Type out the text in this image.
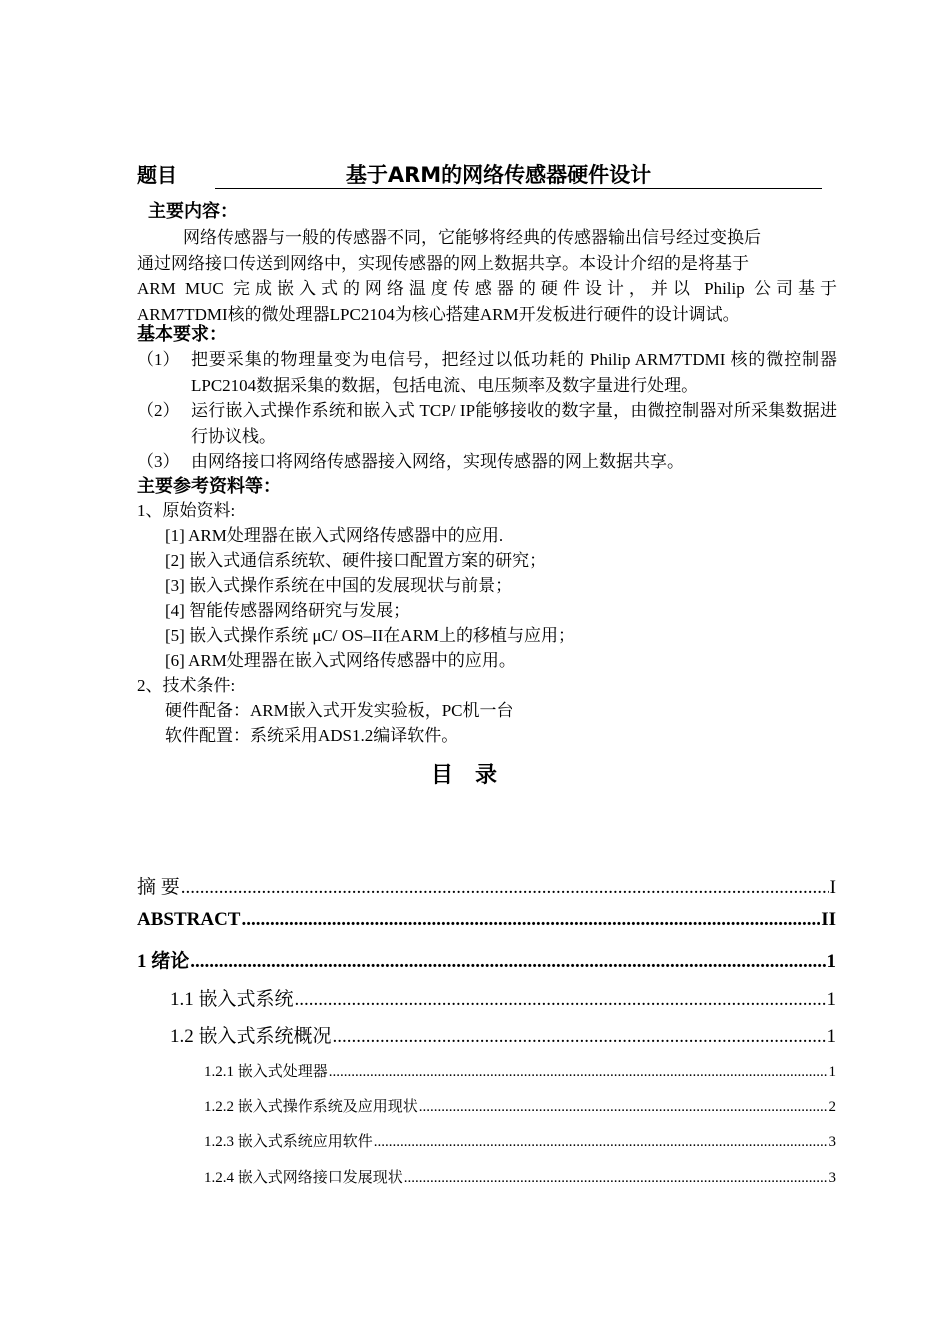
题目	基于ARM的网络传感器硬件设计
主要内容：
网络传感器与一般的传感器不同，它能够将经典的传感器输出信号经过变换后
通过网络接口传送到网络中，实现传感器的网上数据共享。本设计介绍的是将基于
ARM MUC 完成嵌入式的网络温度传感器的硬件设计，并以 Philip 公司基于
ARM7TDMI核的微处理器LPC2104为核心搭建ARM开发板进行硬件的设计调试。
基本要求：
（1） 把要采集的物理量变为电信号，把经过以低功耗的 Philip ARM7TDMI 核的微控制器LPC2104数据采集的数据，包括电流、电压频率及数字量进行处理。
（2） 运行嵌入式操作系统和嵌入式 TCP/ IP能够接收的数字量，由微控制器对所采集数据进行协议栈。
（3） 由网络接口将网络传感器接入网络，实现传感器的网上数据共享。
主要参考资料等：
1、原始资料:
[1] ARM处理器在嵌入式网络传感器中的应用.
[2] 嵌入式通信系统软、硬件接口配置方案的研究；
[3] 嵌入式操作系统在中国的发展现状与前景；
[4] 智能传感器网络研究与发展；
[5] 嵌入式操作系统 μC/ OS–II在ARM上的移植与应用；
[6] ARM处理器在嵌入式网络传感器中的应用。
2、技术条件:
硬件配备：ARM嵌入式开发实验板，PC机一台
软件配置：系统采用ADS1.2编译软件。
目录
摘 要 .....	I
ABSTRACT .....	II
1 绪论 .....	1
1.1 嵌入式系统 .....	1
1.2 嵌入式系统概况 .....	1
1.2.1 嵌入式处理器 .....	1
1.2.2 嵌入式操作系统及应用现状 .....	2
1.2.3 嵌入式系统应用软件 .....	3
1.2.4 嵌入式网络接口发展现状 .....	3
